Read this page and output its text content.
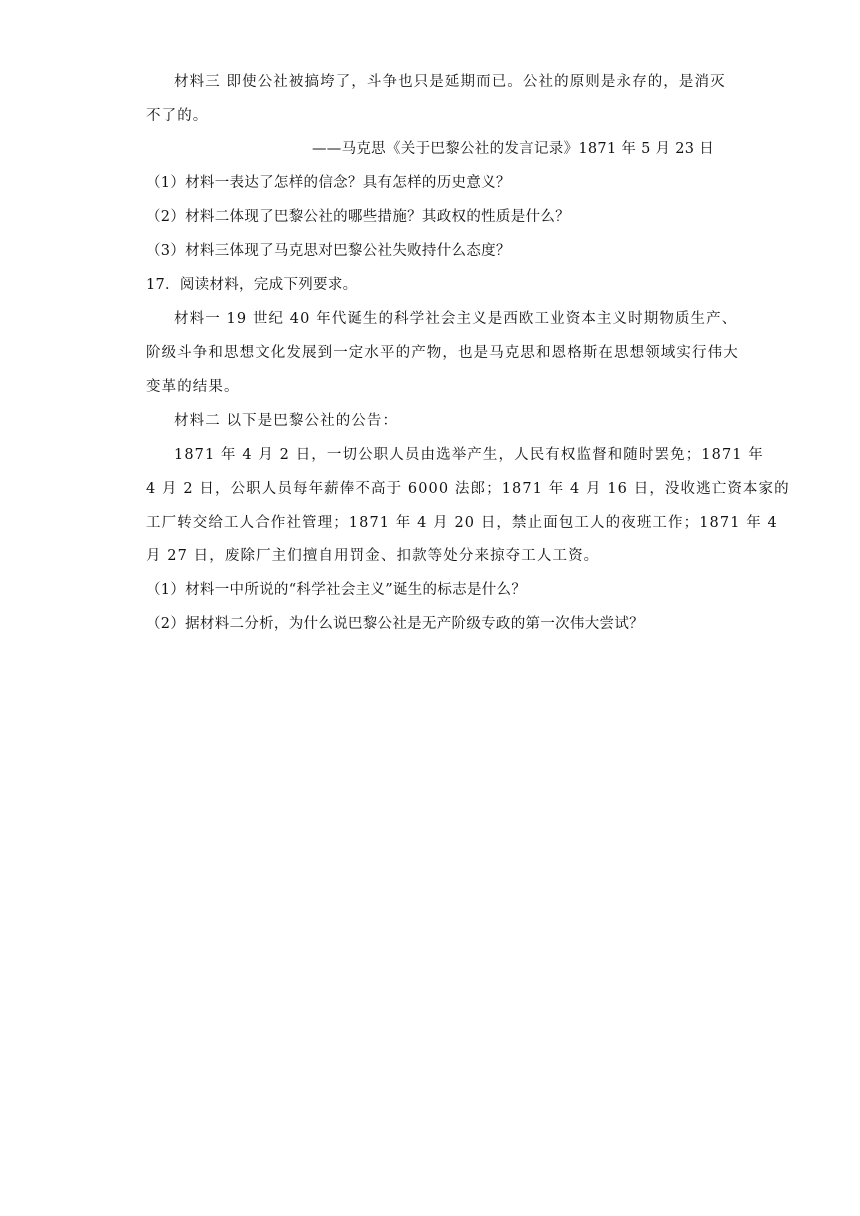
材料三 即使公社被搞垮了，斗争也只是延期而已。公社的原则是永存的，是消灭
不了的。
——马克思《关于巴黎公社的发言记录》1871 年 5 月 23 日
（1）材料一表达了怎样的信念？具有怎样的历史意义？
（2）材料二体现了巴黎公社的哪些措施？其政权的性质是什么？
（3）材料三体现了马克思对巴黎公社失败持什么态度？
17．阅读材料，完成下列要求。
材料一 19 世纪 40 年代诞生的科学社会主义是西欧工业资本主义时期物质生产、
阶级斗争和思想文化发展到一定水平的产物，也是马克思和恩格斯在思想领域实行伟大
变革的结果。
材料二 以下是巴黎公社的公告：
1871 年 4 月 2 日，一切公职人员由选举产生，人民有权监督和随时罢免；1871 年
4 月 2 日，公职人员每年薪俸不高于 6000 法郎；1871 年 4 月 16 日，没收逃亡资本家的
工厂转交给工人合作社管理；1871 年 4 月 20 日，禁止面包工人的夜班工作；1871 年 4
月 27 日，废除厂主们擅自用罚金、扣款等处分来掠夺工人工资。
（1）材料一中所说的“科学社会主义”诞生的标志是什么？
（2）据材料二分析，为什么说巴黎公社是无产阶级专政的第一次伟大尝试？
